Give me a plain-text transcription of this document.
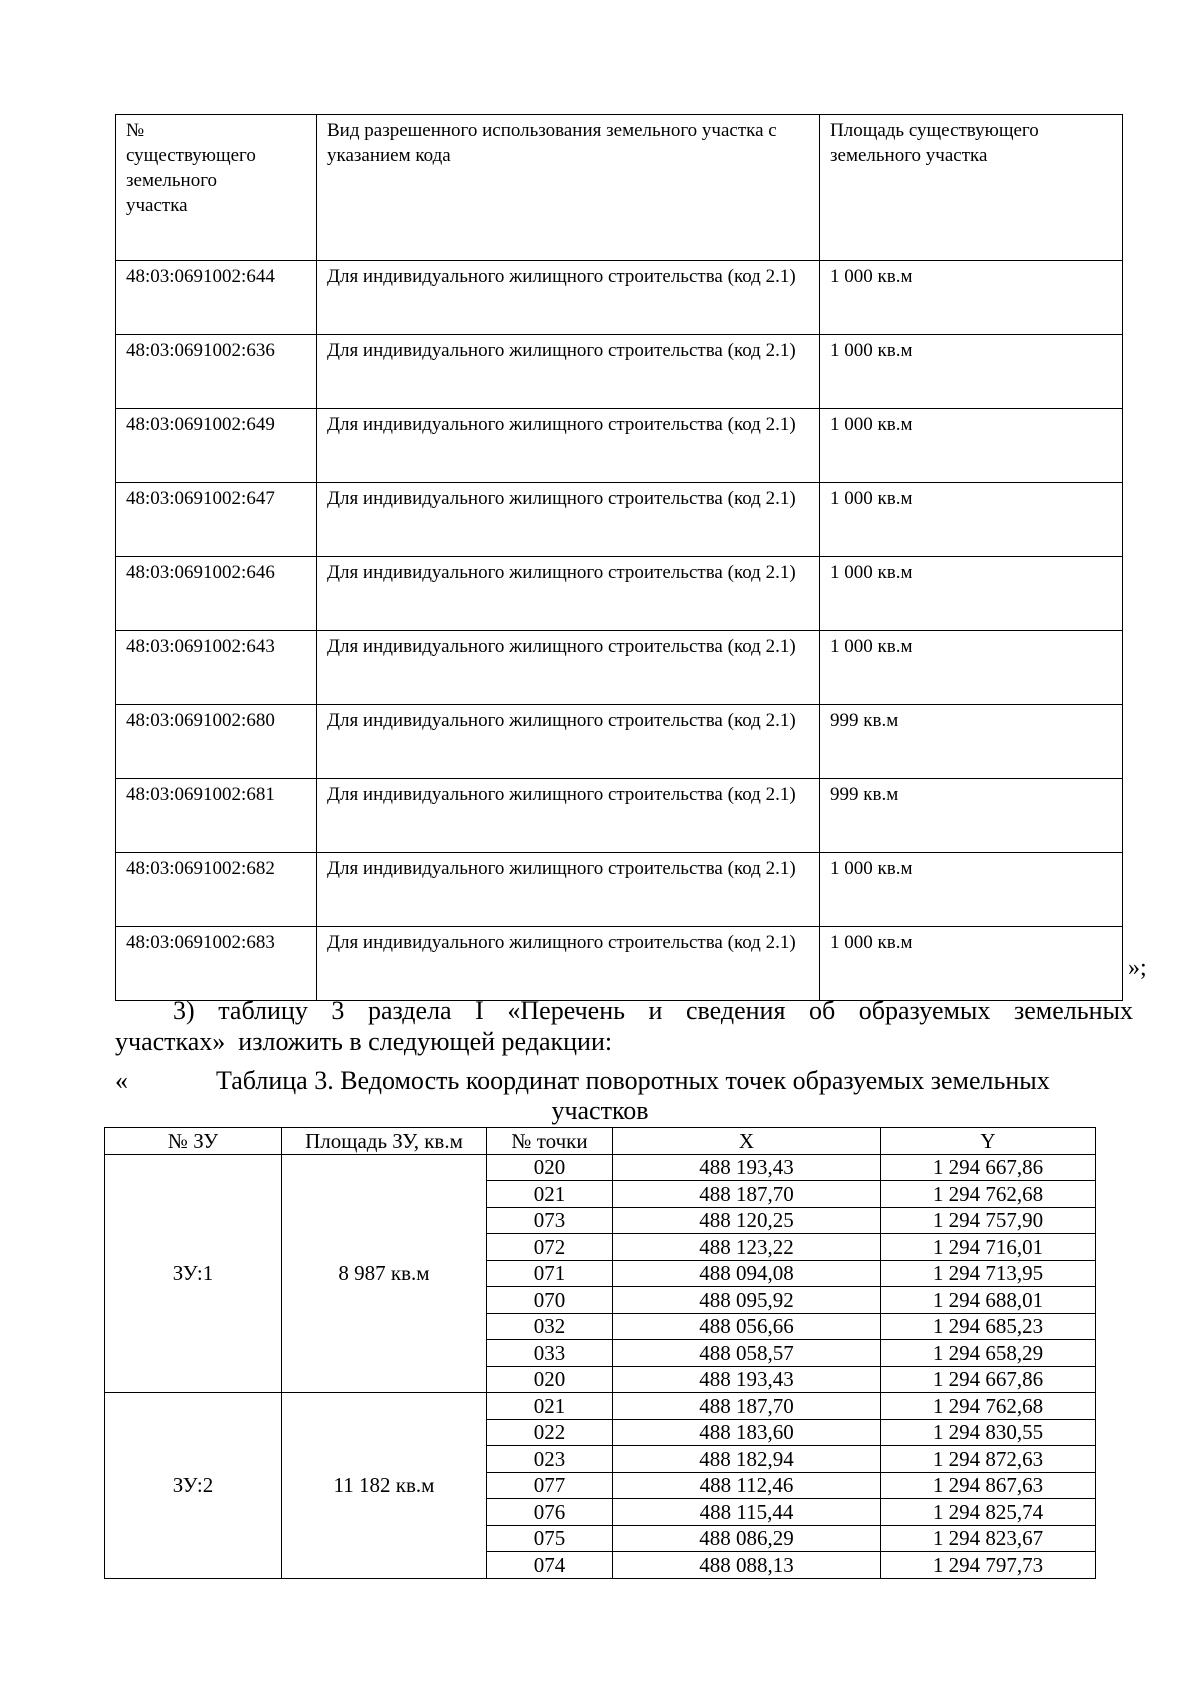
№ существующего земельного участка	Вид разрешенного использования земельного участка с указанием кода	Площадь существующего земельного участка
48:03:0691002:644	Для индивидуального жилищного строительства (код 2.1)	1 000 кв.м
48:03:0691002:636	Для индивидуального жилищного строительства (код 2.1)	1 000 кв.м
48:03:0691002:649	Для индивидуального жилищного строительства (код 2.1)	1 000 кв.м
48:03:0691002:647	Для индивидуального жилищного строительства (код 2.1)	1 000 кв.м
48:03:0691002:646	Для индивидуального жилищного строительства (код 2.1)	1 000 кв.м
48:03:0691002:643	Для индивидуального жилищного строительства (код 2.1)	1 000 кв.м
48:03:0691002:680	Для индивидуального жилищного строительства (код 2.1)	999 кв.м
48:03:0691002:681	Для индивидуального жилищного строительства (код 2.1)	999 кв.м
48:03:0691002:682	Для индивидуального жилищного строительства (код 2.1)	1 000 кв.м
48:03:0691002:683	Для индивидуального жилищного строительства (код 2.1)	1 000 кв.м
»;
3) таблицу 3 раздела I «Перечень и сведения об образуемых земельных
участках»  изложить в следующей редакции:
«	Таблица 3. Ведомость координат поворотных точек образуемых земельных
участков
№ ЗУ	Площадь ЗУ, кв.м	№ точки	X	Y
ЗУ:1	8 987 кв.м	020	488 193,43	1 294 667,86
		021	488 187,70	1 294 762,68
		073	488 120,25	1 294 757,90
		072	488 123,22	1 294 716,01
		071	488 094,08	1 294 713,95
		070	488 095,92	1 294 688,01
		032	488 056,66	1 294 685,23
		033	488 058,57	1 294 658,29
		020	488 193,43	1 294 667,86
ЗУ:2	11 182 кв.м	021	488 187,70	1 294 762,68
		022	488 183,60	1 294 830,55
		023	488 182,94	1 294 872,63
		077	488 112,46	1 294 867,63
		076	488 115,44	1 294 825,74
		075	488 086,29	1 294 823,67
		074	488 088,13	1 294 797,73
